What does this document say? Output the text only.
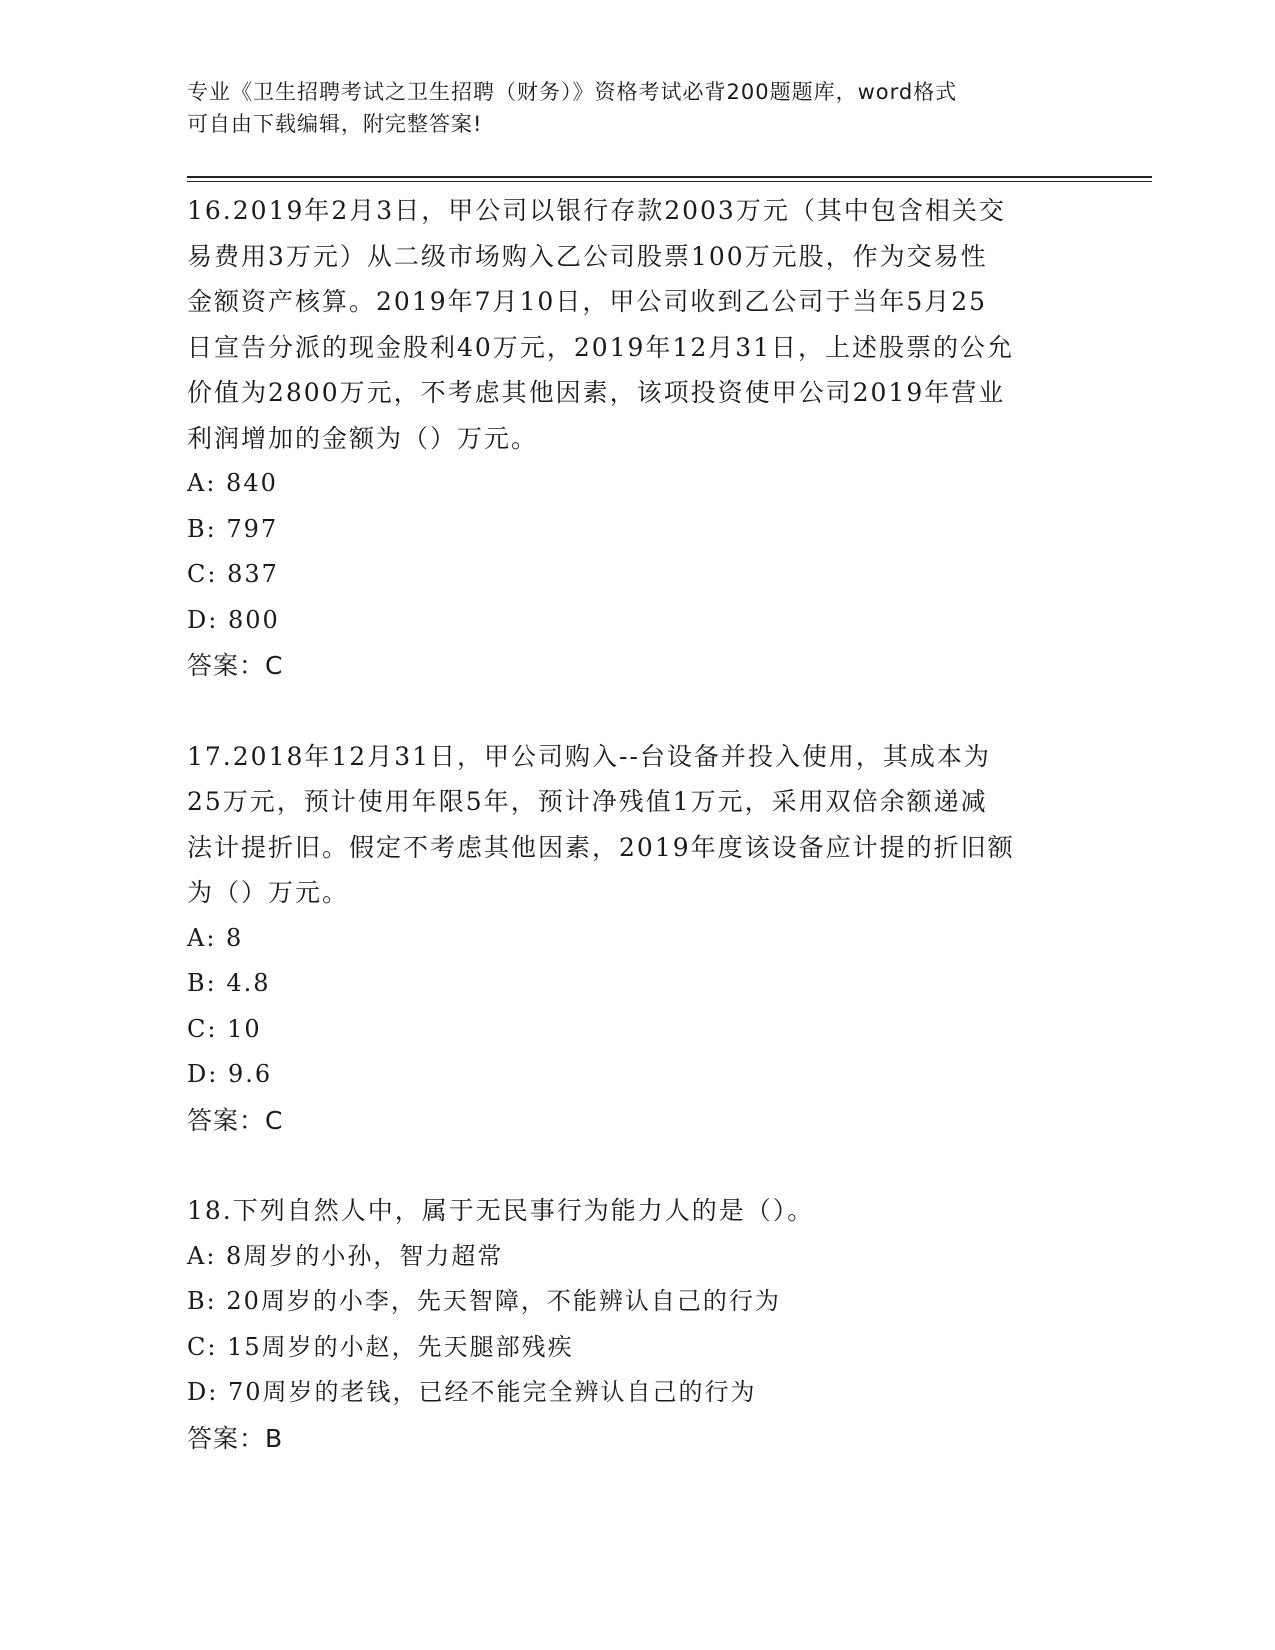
专业《卫生招聘考试之卫生招聘（财务）》资格考试必背200题题库，word格式
可自由下载编辑，附完整答案!
16.2019年2月3日，甲公司以银行存款2003万元（其中包含相关交
易费用3万元）从二级市场购入乙公司股票100万元股，作为交易性
金额资产核算。2019年7月10日，甲公司收到乙公司于当年5月25
日宣告分派的现金股利40万元，2019年12月31日，上述股票的公允
价值为2800万元，不考虑其他因素，该项投资使甲公司2019年营业
利润增加的金额为（）万元。
A: 840
B: 797
C: 837
D: 800
答案：C
17.2018年12月31日，甲公司购入--台设备并投入使用，其成本为
25万元，预计使用年限5年，预计净残值1万元，采用双倍余额递减
法计提折旧。假定不考虑其他因素，2019年度该设备应计提的折旧额
为（）万元。
A: 8
B: 4.8
C: 10
D: 9.6
答案：C
18.下列自然人中，属于无民事行为能力人的是（）。
A: 8周岁的小孙，智力超常
B: 20周岁的小李，先天智障，不能辨认自己的行为
C: 15周岁的小赵，先天腿部残疾
D: 70周岁的老钱，已经不能完全辨认自己的行为
答案：B
